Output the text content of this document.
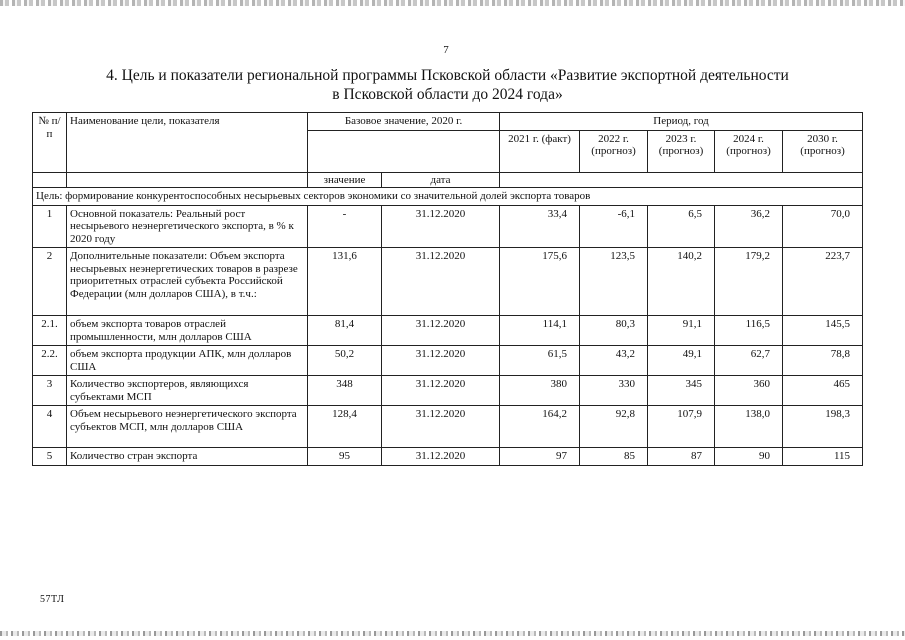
7
4. Цель и показатели региональной программы Псковской области «Развитие экспортной деятельности
в Псковской области до 2024 года»
№ п/п	Наименование цели, показателя	Базовое значение, 2020 г.		Период, год				
				2021 г. (факт)	2022 г. (прогноз)	2023 г. (прогноз)	2024 г. (прогноз)	2030 г. (прогноз)

		значение	дата					
Цель: формирование конкурентоспособных несырьевых секторов экономики со значительной долей экспорта товаров								
1	Основной показатель: Реальный рост несырьевого неэнергетического экспорта, в % к 2020 году	-	31.12.2020	33,4	-6,1	6,5	36,2	70,0
2	Дополнительные показатели: Объем экспорта несырьевых неэнергетических товаров в разрезе приоритетных отраслей субъекта Российской Федерации (млн долларов США), в т.ч.:	131,6	31.12.2020	175,6	123,5	140,2	179,2	223,7
2.1.	объем экспорта товаров отраслей промышленности, млн долларов США	81,4	31.12.2020	114,1	80,3	91,1	116,5	145,5
2.2.	объем экспорта продукции АПК, млн долларов США	50,2	31.12.2020	61,5	43,2	49,1	62,7	78,8
3	Количество экспортеров, являющихся субъектами МСП	348	31.12.2020	380	330	345	360	465
4	Объем несырьевого неэнергетического экспорта субъектов МСП, млн долларов США	128,4	31.12.2020	164,2	92,8	107,9	138,0	198,3
5	Количество стран экспорта	95	31.12.2020	97	85	87	90	115
57ТЛ
